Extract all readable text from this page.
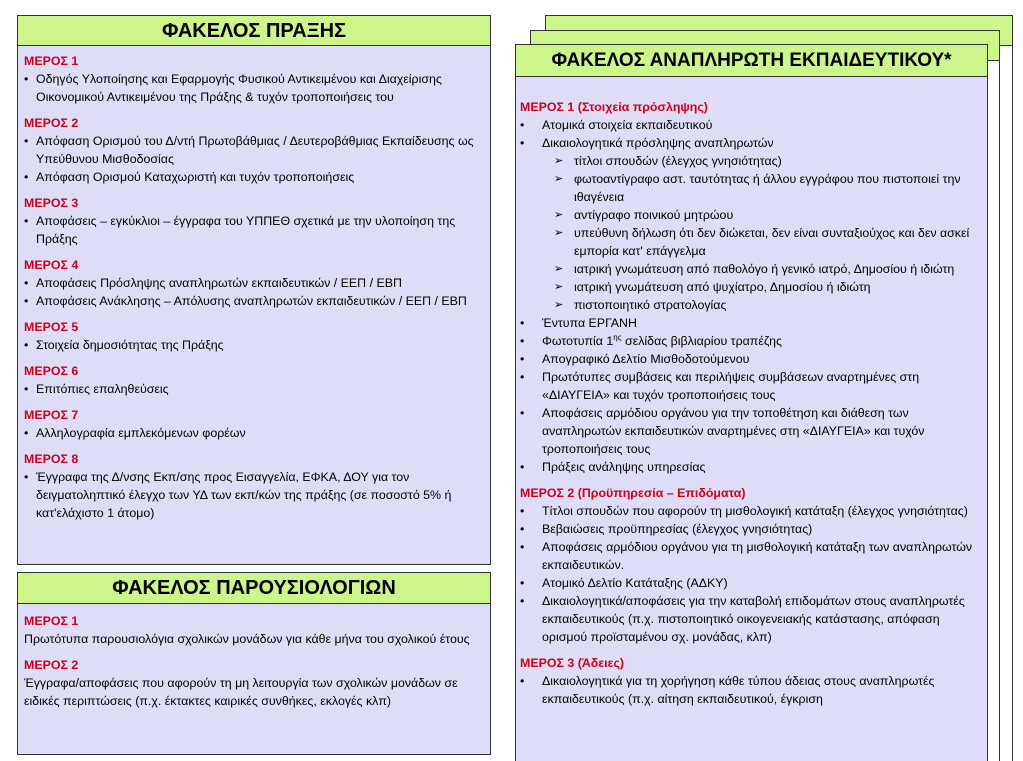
ΦΑΚΕΛΟΣ ΠΡΑΞΗΣ
ΜΕΡΟΣ 1
• Οδηγός Υλοποίησης και Εφαρμογής Φυσικού Αντικειμένου και Διαχείρισης Οικονομικού Αντικειμένου της Πράξης & τυχόν τροποποιήσεις του
ΜΕΡΟΣ 2
• Απόφαση Ορισμού του Δ/ντή Πρωτοβάθμιας / Δευτεροβάθμιας Εκπαίδευσης ως Υπεύθυνου Μισθοδοσίας
• Απόφαση Ορισμού Καταχωριστή και τυχόν τροποποιήσεις
ΜΕΡΟΣ 3
• Αποφάσεις – εγκύκλιοι – έγγραφα του ΥΠΠΕΘ σχετικά με την υλοποίηση της Πράξης
ΜΕΡΟΣ 4
• Αποφάσεις Πρόσληψης αναπληρωτών εκπαιδευτικών / ΕΕΠ / ΕΒΠ
• Αποφάσεις Ανάκλησης – Απόλυσης αναπληρωτών εκπαιδευτικών / ΕΕΠ / ΕΒΠ
ΜΕΡΟΣ 5
• Στοιχεία δημοσιότητας της Πράξης
ΜΕΡΟΣ 6
• Επιτόπιες επαληθεύσεις
ΜΕΡΟΣ 7
• Αλληλογραφία εμπλεκόμενων φορέων
ΜΕΡΟΣ 8
• Έγγραφα της Δ/νσης Εκπ/σης προς Εισαγγελία, ΕΦΚΑ, ΔΟΥ για τον δειγματοληπτικό έλεγχο των ΥΔ των εκπ/κών της πράξης (σε ποσοστό 5% ή κατ'ελάχιστο 1 άτομο)
ΦΑΚΕΛΟΣ ΠΑΡΟΥΣΙΟΛΟΓΙΩΝ
ΜΕΡΟΣ 1
Πρωτότυπα παρουσιολόγια σχολικών μονάδων για κάθε μήνα του σχολικού έτους
ΜΕΡΟΣ 2
Έγγραφα/αποφάσεις που αφορούν τη μη λειτουργία των σχολικών μονάδων σε ειδικές περιπτώσεις (π.χ. έκτακτες καιρικές συνθήκες, εκλογές κλπ)
ΦΑΚΕΛΟΣ ΑΝΑΠΛΗΡΩΤΗ ΕΚΠΑΙΔΕΥΤΙΚΟΥ*
ΜΕΡΟΣ 1 (Στοιχεία πρόσληψης)
• Ατομικά στοιχεία εκπαιδευτικού
• Δικαιολογητικά πρόσληψης αναπληρωτών
➢ τίτλοι σπουδών (έλεγχος γνησιότητας)
➢ φωτοαντίγραφο αστ. ταυτότητας ή άλλου εγγράφου που πιστοποιεί την ιθαγένεια
➢ αντίγραφο ποινικού μητρώου
➢ υπεύθυνη δήλωση ότι δεν διώκεται, δεν είναι συνταξιούχος και δεν ασκεί εμπορία κατ' επάγγελμα
➢ ιατρική γνωμάτευση από παθολόγο ή γενικό ιατρό, Δημοσίου ή ιδιώτη
➢ ιατρική γνωμάτευση από ψυχίατρο, Δημοσίου ή ιδιώτη
➢ πιστοποιητικό στρατολογίας
• Έντυπα ΕΡΓΑΝΗ
• Φωτοτυπία $1^{\eta\varsigma}$ σελίδας βιβλιαρίου τραπέζης
• Απογραφικό Δελτίο Μισθοδοτούμενου
• Πρωτότυπες συμβάσεις και περιλήψεις συμβάσεων αναρτημένες στη «ΔΙΑΥΓΕΙΑ» και τυχόν τροποποιήσεις τους
• Αποφάσεις αρμόδιου οργάνου για την τοποθέτηση και διάθεση των αναπληρωτών εκπαιδευτικών αναρτημένες στη «ΔΙΑΥΓΕΙΑ» και τυχόν τροποποιήσεις τους
• Πράξεις ανάληψης υπηρεσίας
ΜΕΡΟΣ 2 (Προϋπηρεσία – Επιδόματα)
• Τίτλοι σπουδών που αφορούν τη μισθολογική κατάταξη (έλεγχος γνησιότητας)
• Βεβαιώσεις προϋπηρεσίας (έλεγχος γνησιότητας)
• Αποφάσεις αρμόδιου οργάνου για τη μισθολογική κατάταξη των αναπληρωτών εκπαιδευτικών.
• Ατομικό Δελτίο Κατάταξης (ΑΔΚΥ)
• Δικαιολογητικά/αποφάσεις για την καταβολή επιδομάτων στους αναπληρωτές εκπαιδευτικούς (π.χ. πιστοποιητικό οικογενειακής κατάστασης, απόφαση ορισμού προϊσταμένου σχ. μονάδας, κλπ)
ΜΕΡΟΣ 3 (Άδειες)
• Δικαιολογητικά για τη χορήγηση κάθε τύπου άδειας στους αναπληρωτές εκπαιδευτικούς (π.χ. αίτηση εκπαιδευτικού, έγκριση
